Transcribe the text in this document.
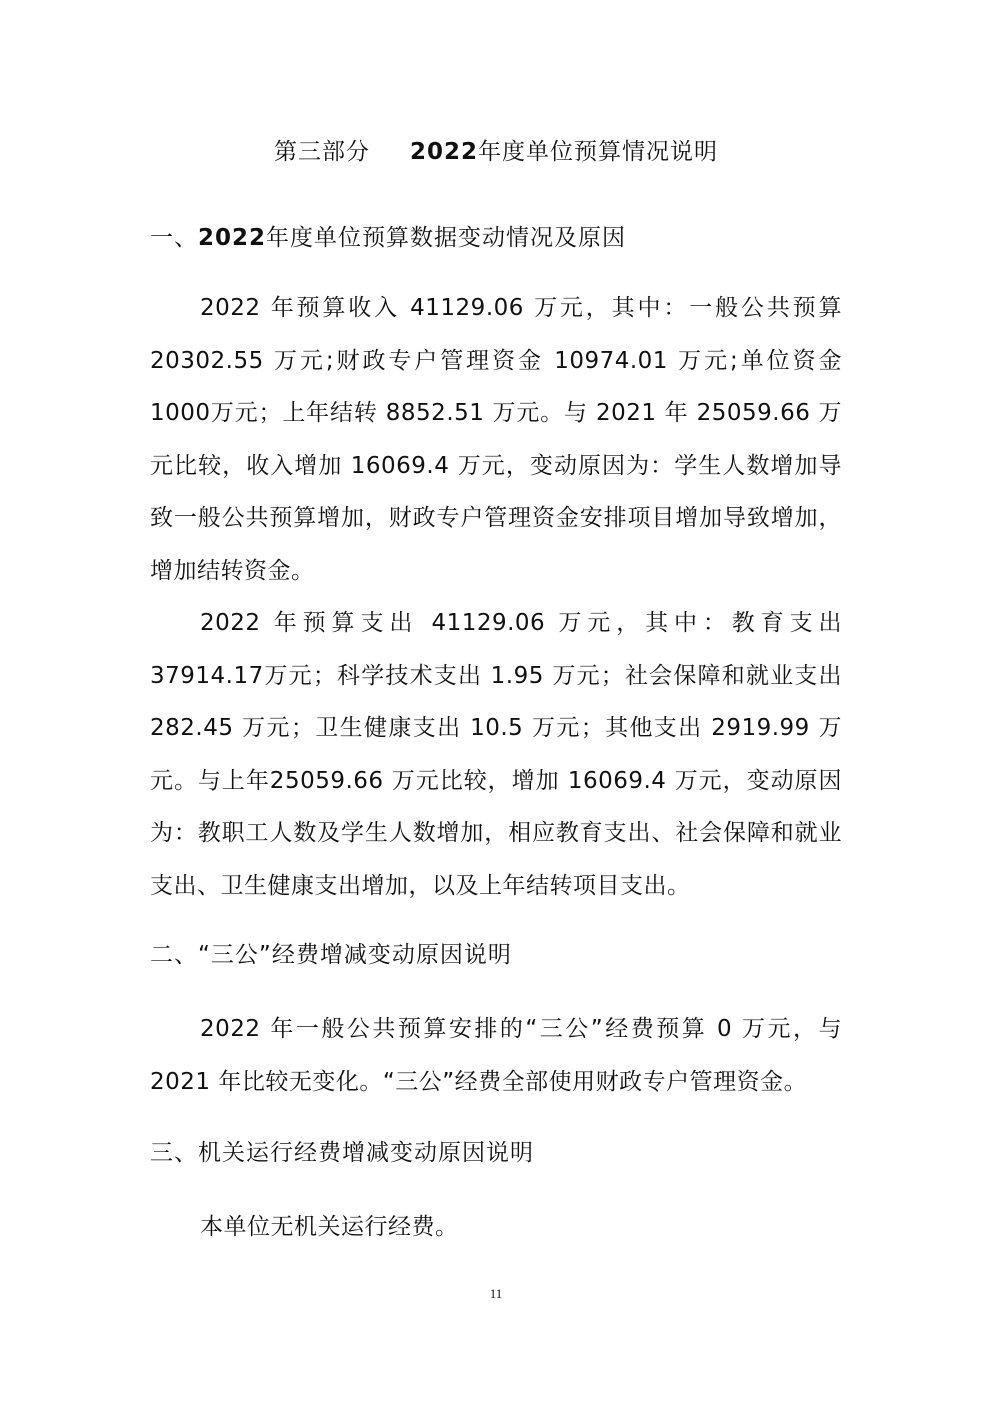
第三部分 2022年度单位预算情况说明
一、2022年度单位预算数据变动情况及原因

2022 年预算收入 41129.06 万元，其中：一般公共预算20302.55 万元;财政专户管理资金 10974.01 万元;单位资金 1000万元；上年结转 8852.51 万元。与 2021 年 25059.66 万元比较，收入增加 16069.4 万元，变动原因为：学生人数增加导致一般公共预算增加，财政专户管理资金安排项目增加导致增加，增加结转资金。

2022 年预算支出 41129.06 万元，其中：教育支出 37914.17万元；科学技术支出 1.95 万元；社会保障和就业支出 282.45 万元；卫生健康支出 10.5 万元；其他支出 2919.99 万元。与上年25059.66 万元比较，增加 16069.4 万元，变动原因为：教职工人数及学生人数增加，相应教育支出、社会保障和就业支出、卫生健康支出增加，以及上年结转项目支出。

二、“三公”经费增减变动原因说明

2022 年一般公共预算安排的“三公”经费预算 0 万元，与2021 年比较无变化。“三公”经费全部使用财政专户管理资金。

三、机关运行经费增减变动原因说明

本单位无机关运行经费。

11
